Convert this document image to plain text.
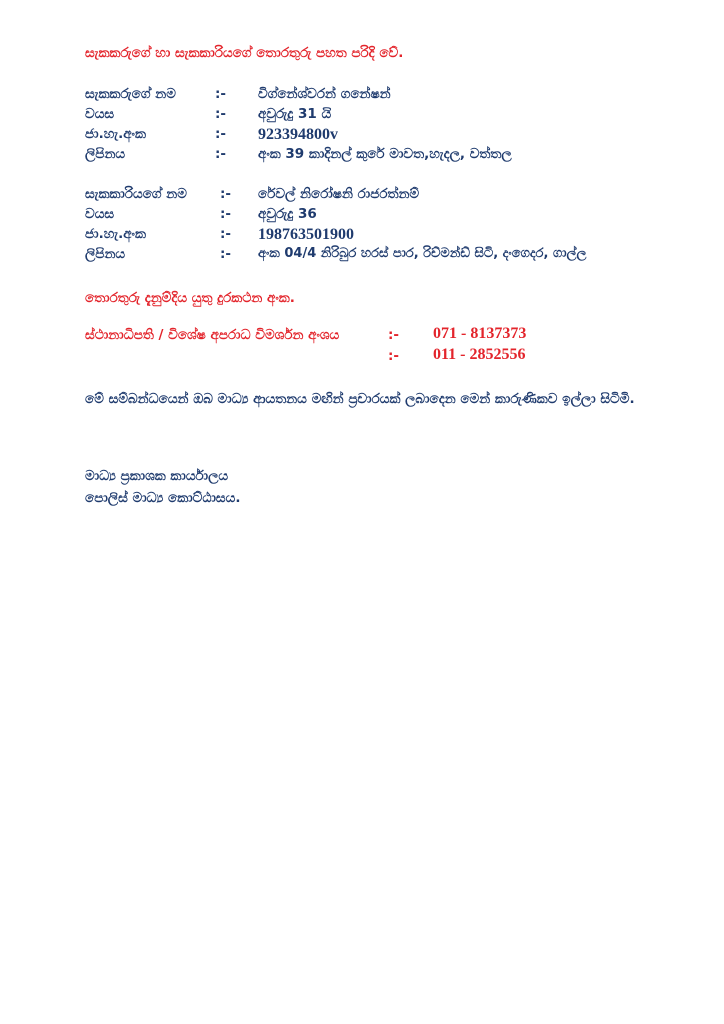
සැකකරුගේ හා සැකකාරියගේ තොරතුරු පහත පරිදි වේ.
සැකකරුගේ නම	:- විග්නේශ්වරන් ගනේෂන්
වයස	:- අවුරුදු 31 යි
ජා.හැ.අංක	:- 923394800v
ලිපිනය	:- අංක 39 කාදිනල් කුරේ මාවත,හැදල, වත්තල
සැකකාරියගේ නම :- රේවල් නිරෝෂනි රාජරත්නම්
වයස	:- අවුරුදු 36
ජා.හැ.අංක	:- 198763501900
ලිපිනය	:- අංක 04/4 නිරිබුර හරස් පාර, රිච්මන්ඩ් සිටි, දංගෙදර, ගාල්ල
තොරතුරු දැනුම්දිය යුතු දුරකථන අංක.
ස්ථානාධිපති / විශේෂ අපරාධ විමර්ශන අංශය	:- 071 - 8137373
:- 011 - 2852556
මේ සම්බන්ධයෙන් ඔබ මාධ්‍ය ආයතනය මඟින් ප්‍රචාරයක් ලබාදෙන මෙන් කාරුණිකව ඉල්ලා සිටිමි.
මාධ්‍ය ප්‍රකාශක කාර්යාලය
පොලිස් මාධ්‍ය කොට්ඨාසය.
